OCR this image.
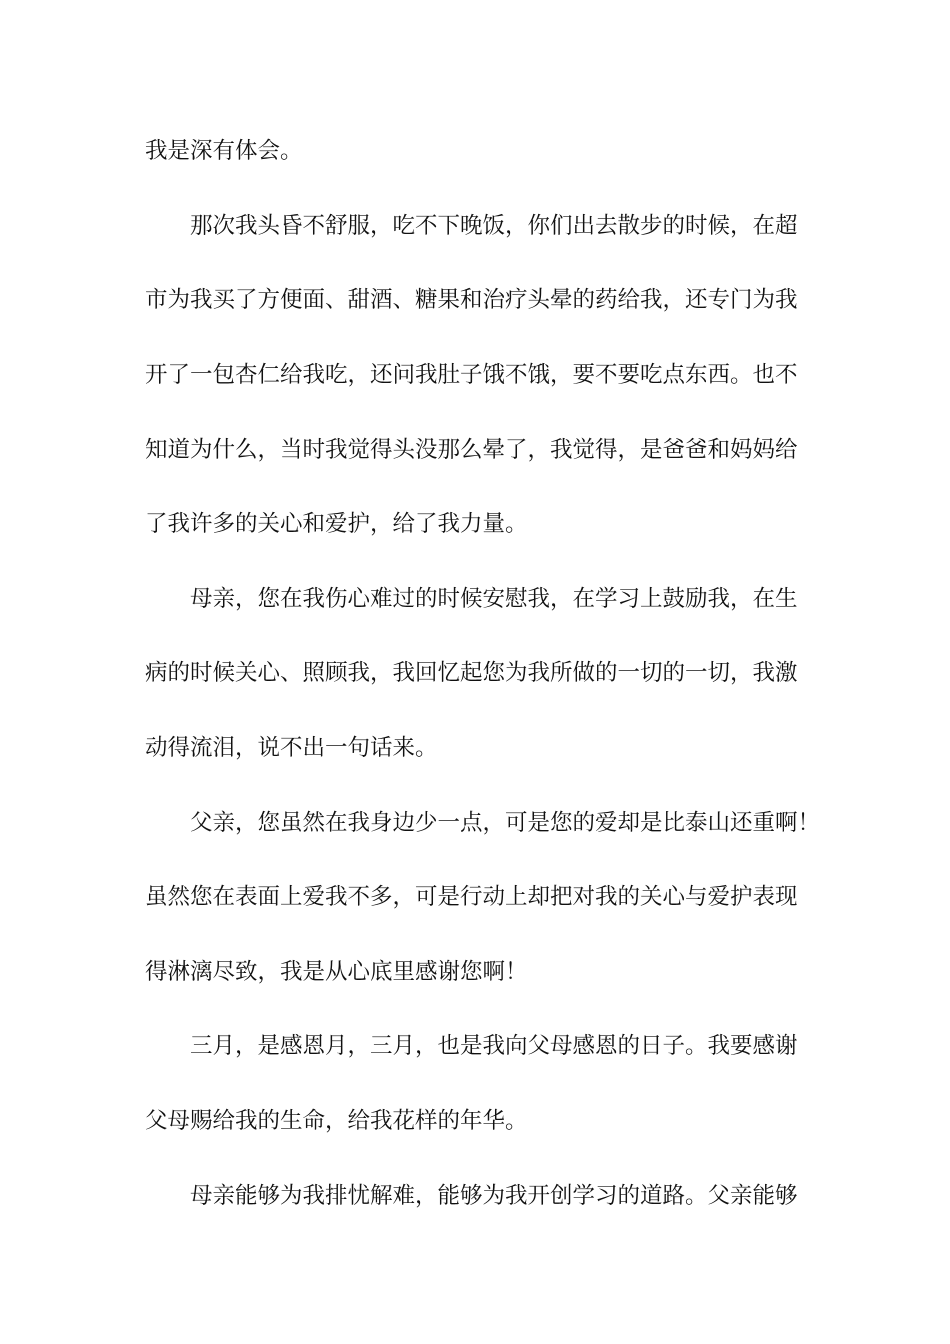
我是深有体会。

那次我头昏不舒服，吃不下晚饭，你们出去散步的时候，在超

市为我买了方便面、甜酒、糖果和治疗头晕的药给我，还专门为我

开了一包杏仁给我吃，还问我肚子饿不饿，要不要吃点东西。也不

知道为什么，当时我觉得头没那么晕了，我觉得，是爸爸和妈妈给

了我许多的关心和爱护，给了我力量。

母亲，您在我伤心难过的时候安慰我，在学习上鼓励我，在生

病的时候关心、照顾我，我回忆起您为我所做的一切的一切，我激

动得流泪，说不出一句话来。

父亲，您虽然在我身边少一点，可是您的爱却是比泰山还重啊！

虽然您在表面上爱我不多，可是行动上却把对我的关心与爱护表现

得淋漓尽致，我是从心底里感谢您啊！

三月，是感恩月，三月，也是我向父母感恩的日子。我要感谢

父母赐给我的生命，给我花样的年华。

母亲能够为我排忧解难，能够为我开创学习的道路。父亲能够
